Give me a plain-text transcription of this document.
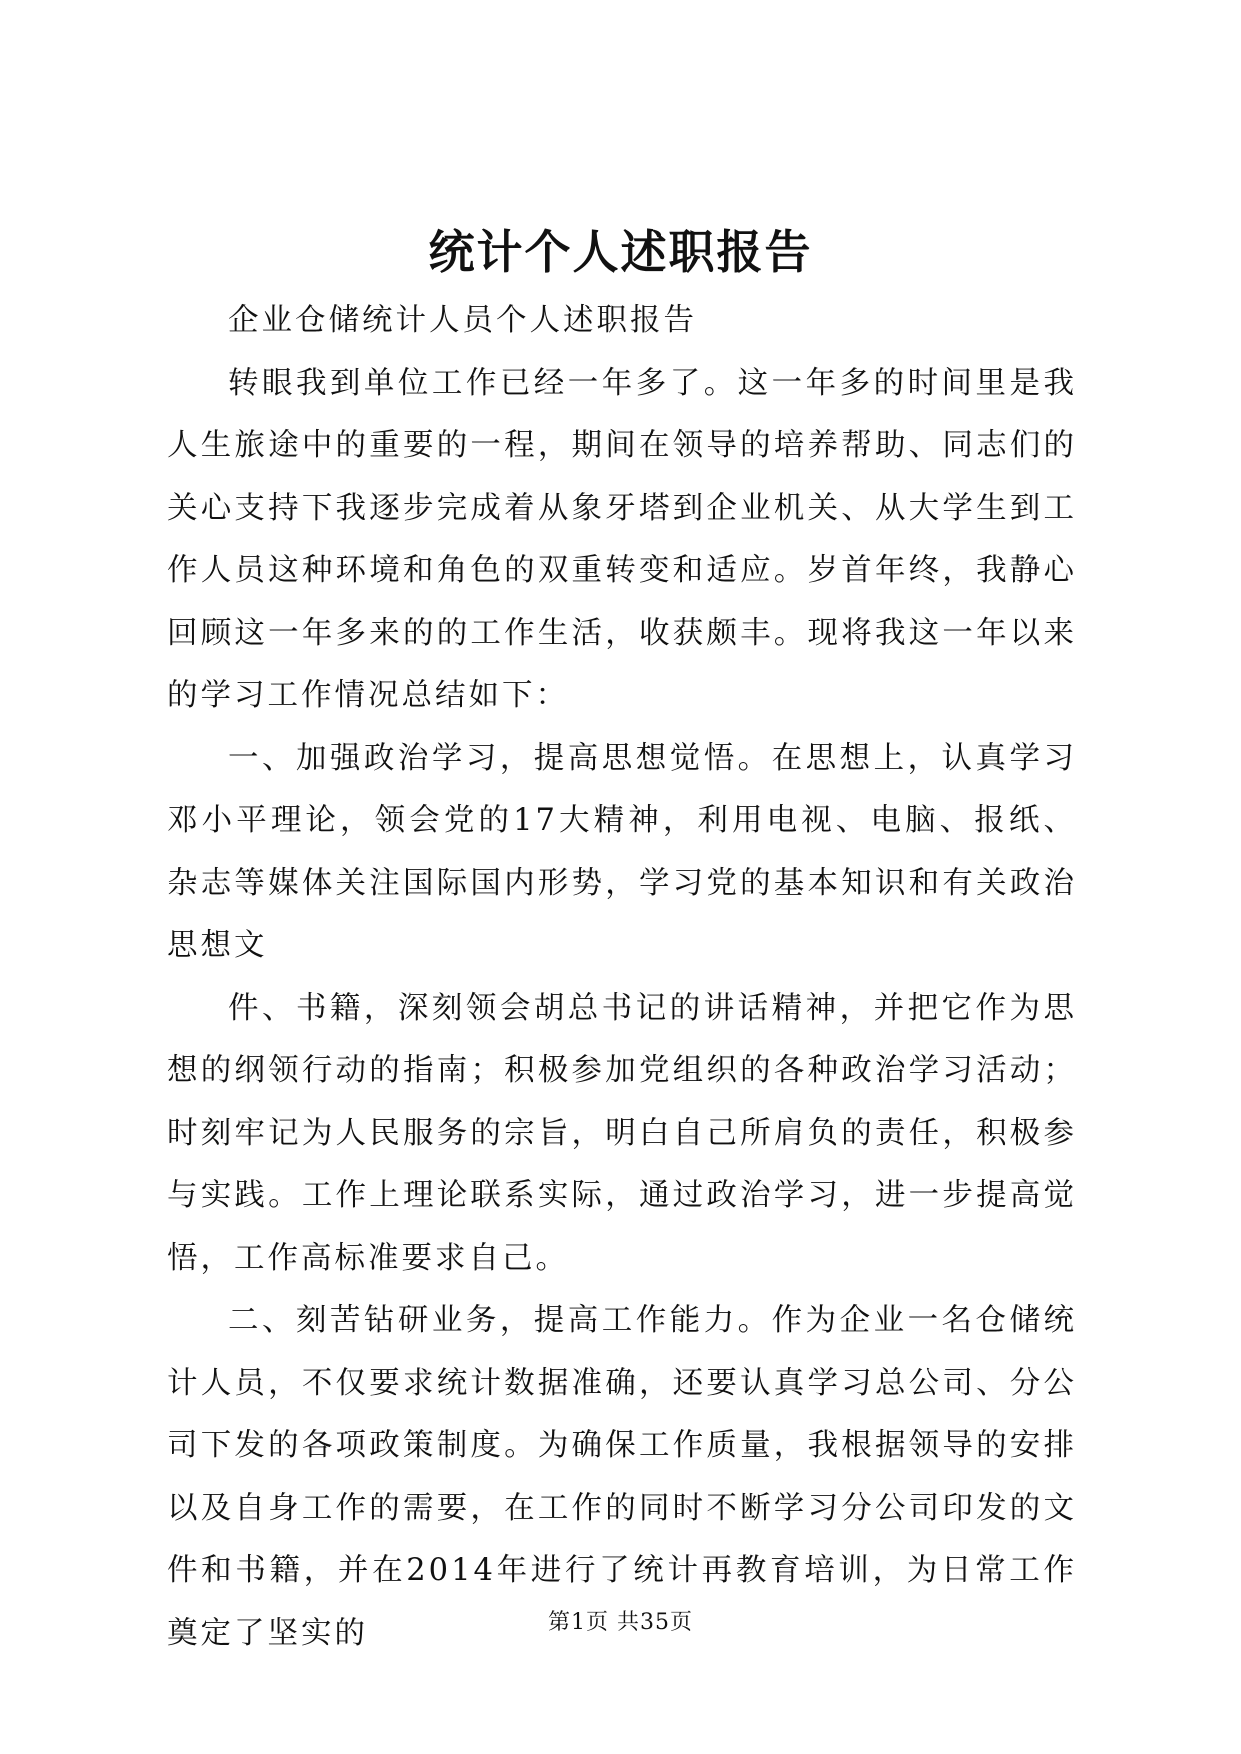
统计个人述职报告

企业仓储统计人员个人述职报告

转眼我到单位工作已经一年多了。这一年多的时间里是我人生旅途中的重要的一程，期间在领导的培养帮助、同志们的关心支持下我逐步完成着从象牙塔到企业机关、从大学生到工作人员这种环境和角色的双重转变和适应。岁首年终，我静心回顾这一年多来的的工作生活，收获颇丰。现将我这一年以来的学习工作情况总结如下：

一、加强政治学习，提高思想觉悟。在思想上，认真学习邓小平理论，领会党的17大精神，利用电视、电脑、报纸、杂志等媒体关注国际国内形势，学习党的基本知识和有关政治思想文

件、书籍，深刻领会胡总书记的讲话精神，并把它作为思想的纲领行动的指南；积极参加党组织的各种政治学习活动；时刻牢记为人民服务的宗旨，明白自己所肩负的责任，积极参与实践。工作上理论联系实际，通过政治学习，进一步提高觉悟，工作高标准要求自己。

二、刻苦钻研业务，提高工作能力。作为企业一名仓储统计人员，不仅要求统计数据准确，还要认真学习总公司、分公司下发的各项政策制度。为确保工作质量，我根据领导的安排以及自身工作的需要，在工作的同时不断学习分公司印发的文件和书籍，并在2014年进行了统计再教育培训，为日常工作奠定了坚实的	第1页 共35页
